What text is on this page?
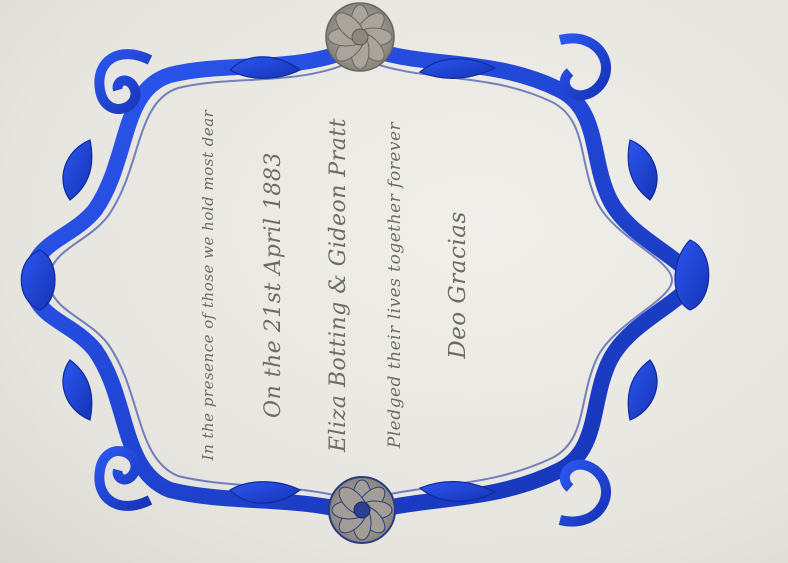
In the presence of those we hold most dear On the 21st April 1883 Eliza Botting & Gideon Pratt Pledged their lives together forever Deo Gracias
